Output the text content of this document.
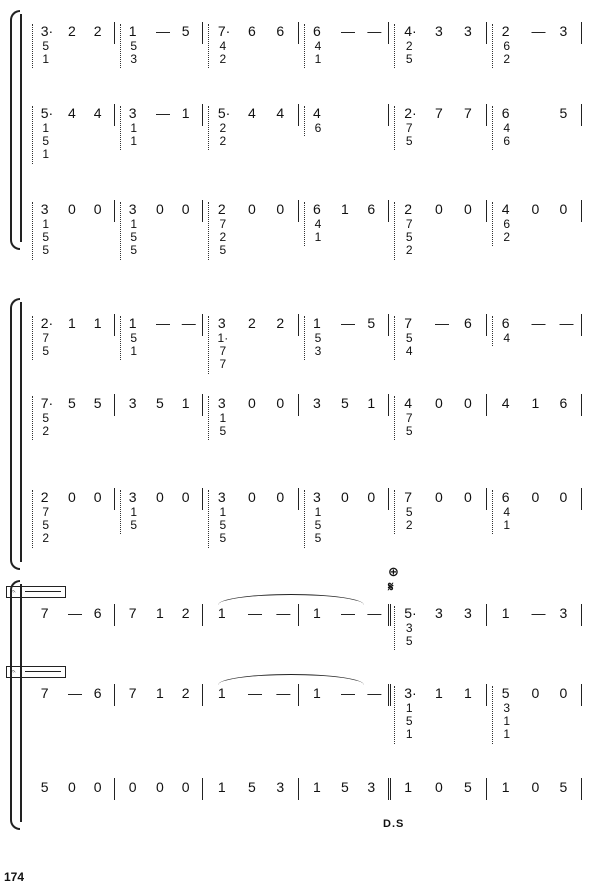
5
1
3· 2 2
5
3
1 — 5
4
2
7· 6 6
4
1
6 — —
2
5
4· 3 3
6
2
2 — 3
1
5
1
5· 4 4
1
1
3 — 1
2
2
5· 4 4
6
4
7
5
2· 7 7
4
6
6	5
1
5
5
3 0 0
1
5
5
3 0 0
7
2
5
2 0 0
4
1
6 1 6
7
5
2
2 0 0
6
2
4 0 0
7
5
2· 1 1
5
1
1 — —
1·
7
7
3 2 2
5
3
1 — 5
5
4
7 — 6
4
6 — —
5
2
7· 5 5 3 5 1
1
5
3 0 0 3 5 1
7
5
4 0 0 4 1 6
7
5
2
2 0 0
1
5
3 0 0
1
5
5
3 0 0
1
5
5
3 0 0
5
2
7 0 0
4
1
6 0 0
7 — 6 7 1 2 1 — — 1 — —
3
5
5· 3 3 1 — 3
𝄐
7 — 6 7 1 2 1 — — 1 — —
1
5
1
3· 1 1
3
1
1
5 0 0
𝄐
5 0 0 0 0 0 1 5 3 1 5 3 1 0 5 1 0 5
⊕
𝄋
D.S
174
